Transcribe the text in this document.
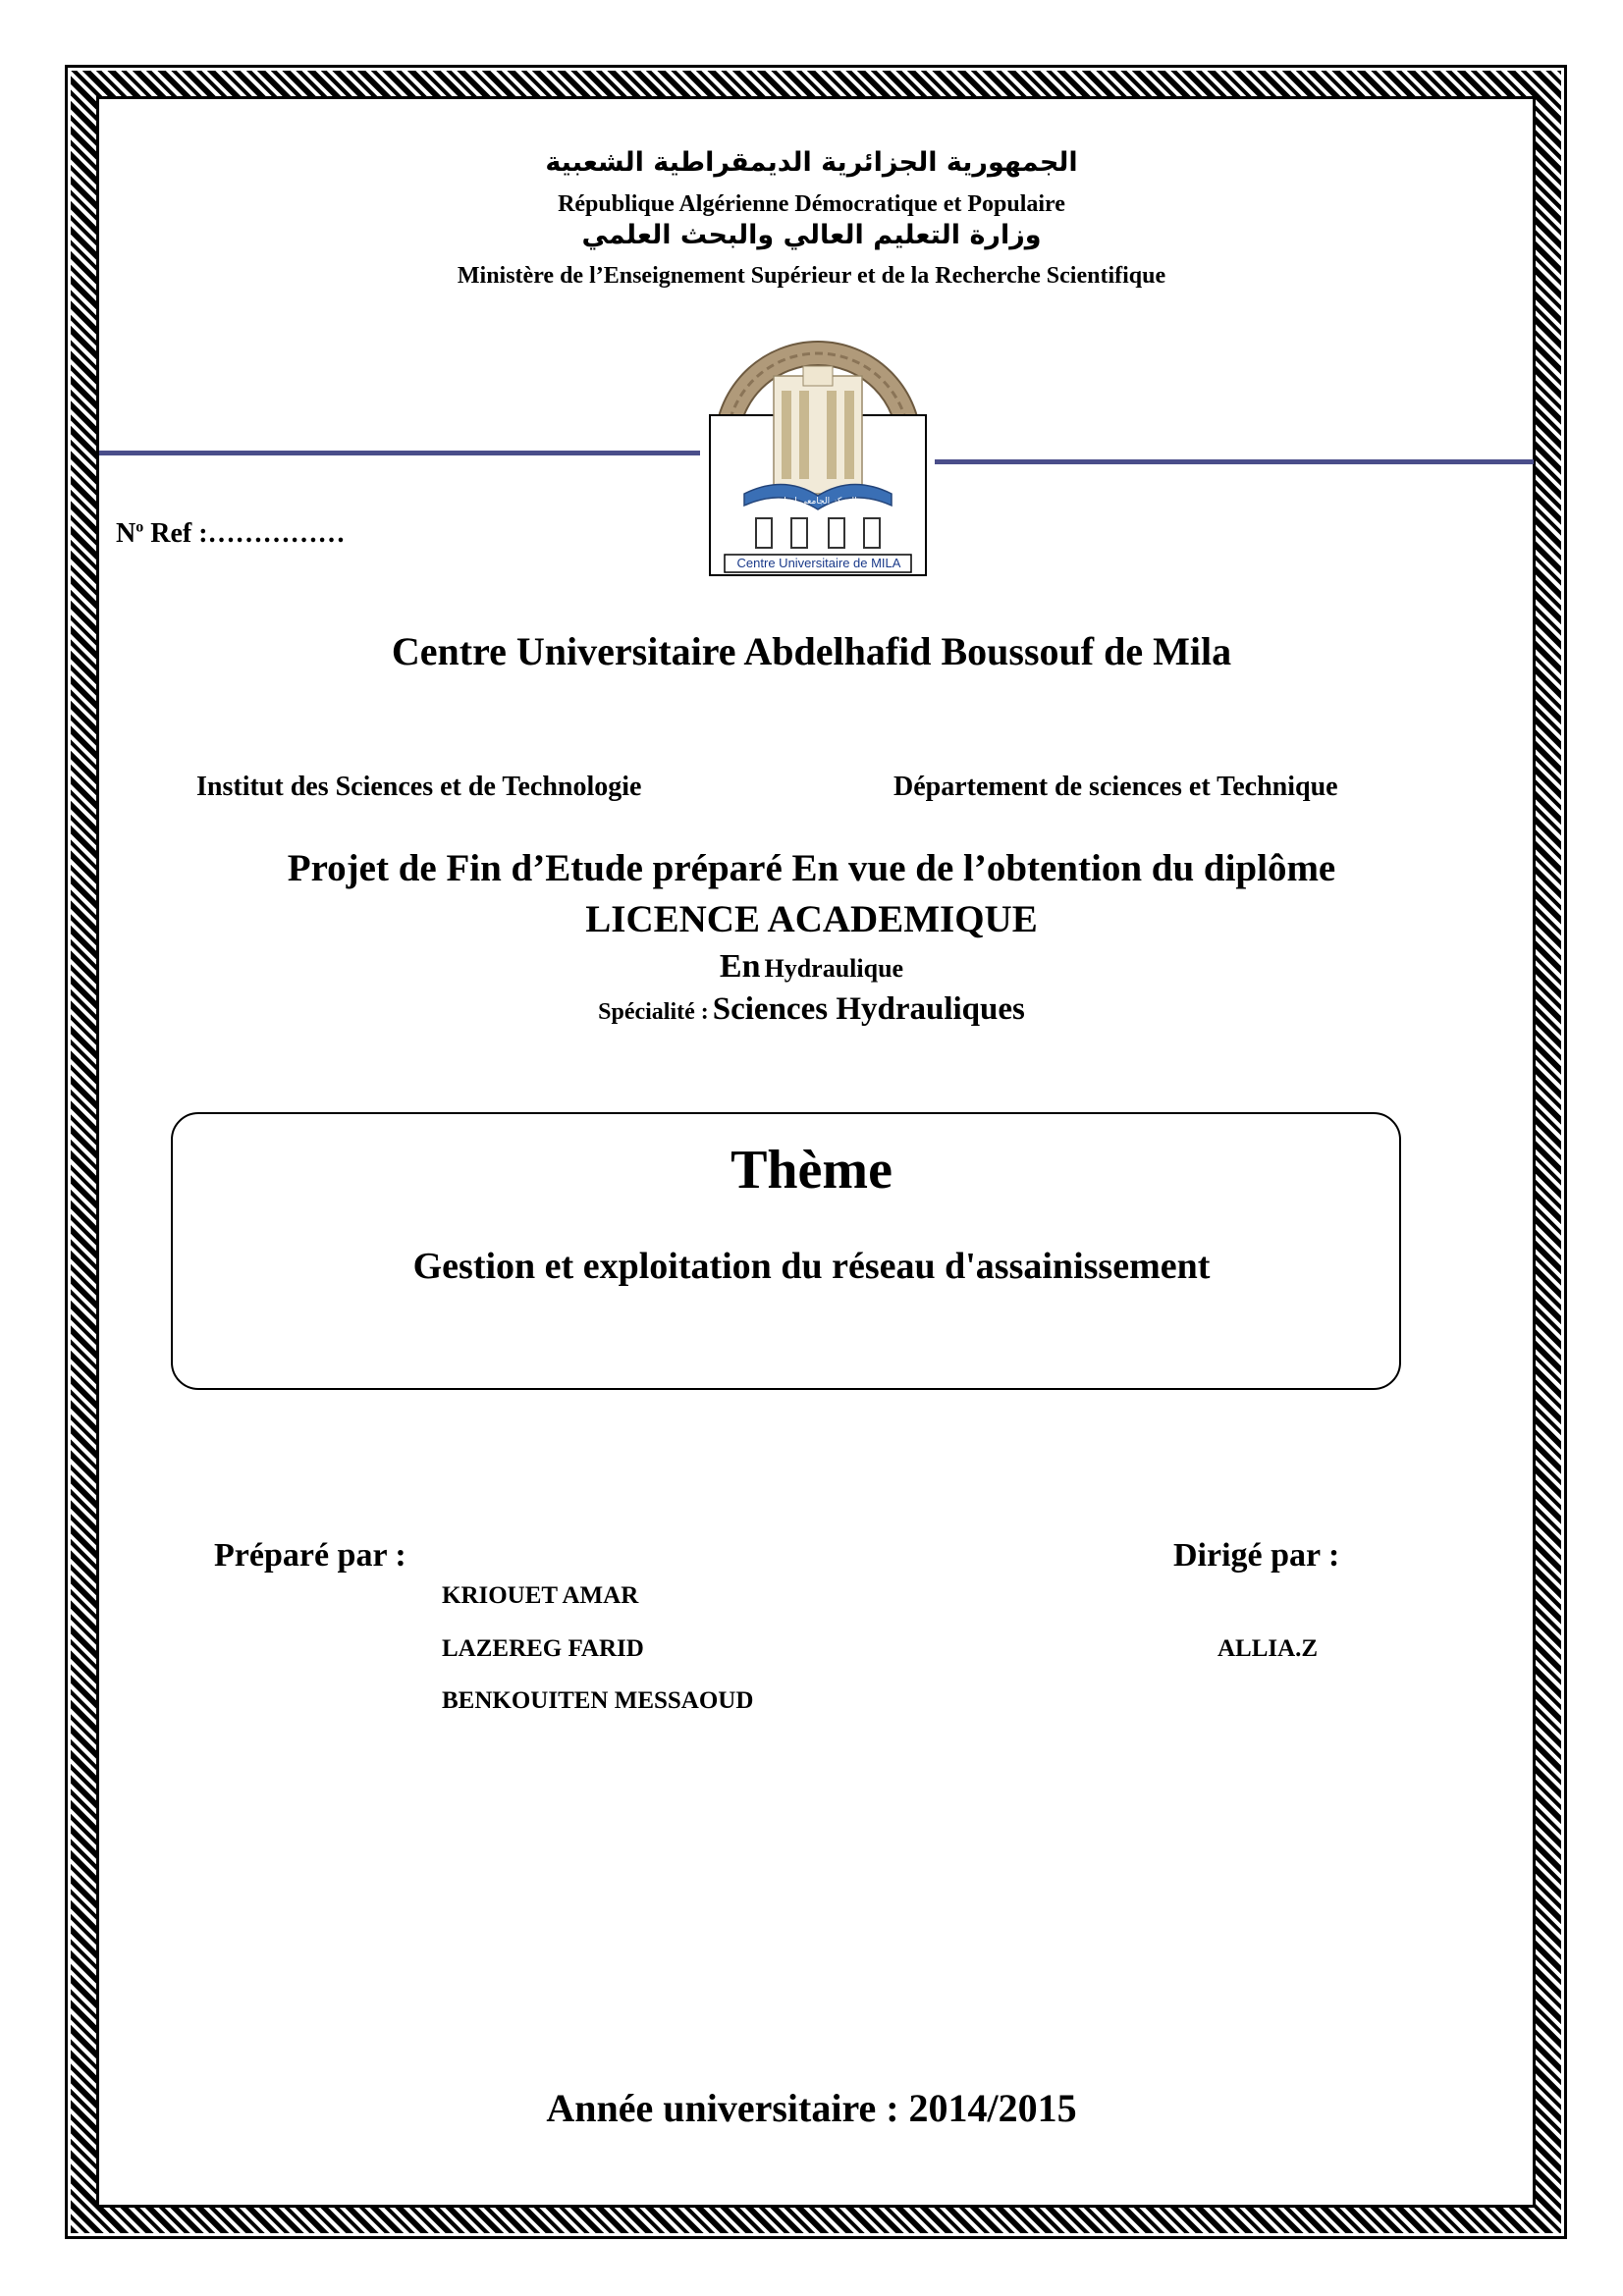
ﺍﻟﺠﻤﻬﻮﺭﻳﺔ ﺍﻟﺠﺰﺍﺋﺮﻳﺔ ﺍﻟﺪﻳﻤﻘﺮﺍﻃﻴﺔ ﺍﻟﺸﻌﺒﻴﺔ
République Algérienne Démocratique et Populaire
ﻭﺯﺍﺭﺓ ﺍﻟﺘﻌﻠﻴﻢ ﺍﻟﻌﺎﻟﻲ ﻭﺍﻟﺒﺤﺚ ﺍﻟﻌﻠﻤﻲ
Ministère de l’Enseignement Supérieur et de la Recherche Scientifique
المركز الجامعي لميلة
Centre Universitaire de MILA
$N^o$ Ref :……………
Centre Universitaire Abdelhafid Boussouf de Mila
Institut des Sciences et de Technologie	Département de sciences et Technique
Projet de Fin d’Etude préparé En vue de l’obtention du diplôme
LICENCE ACADEMIQUE
En Hydraulique
Spécialité : Sciences Hydrauliques
Thème
Gestion et exploitation du réseau d'assainissement
Préparé par :
KRIOUET AMAR
LAZEREG FARID
BENKOUITEN MESSAOUD
Dirigé par :
ALLIA.Z
Année universitaire : 2014/2015
